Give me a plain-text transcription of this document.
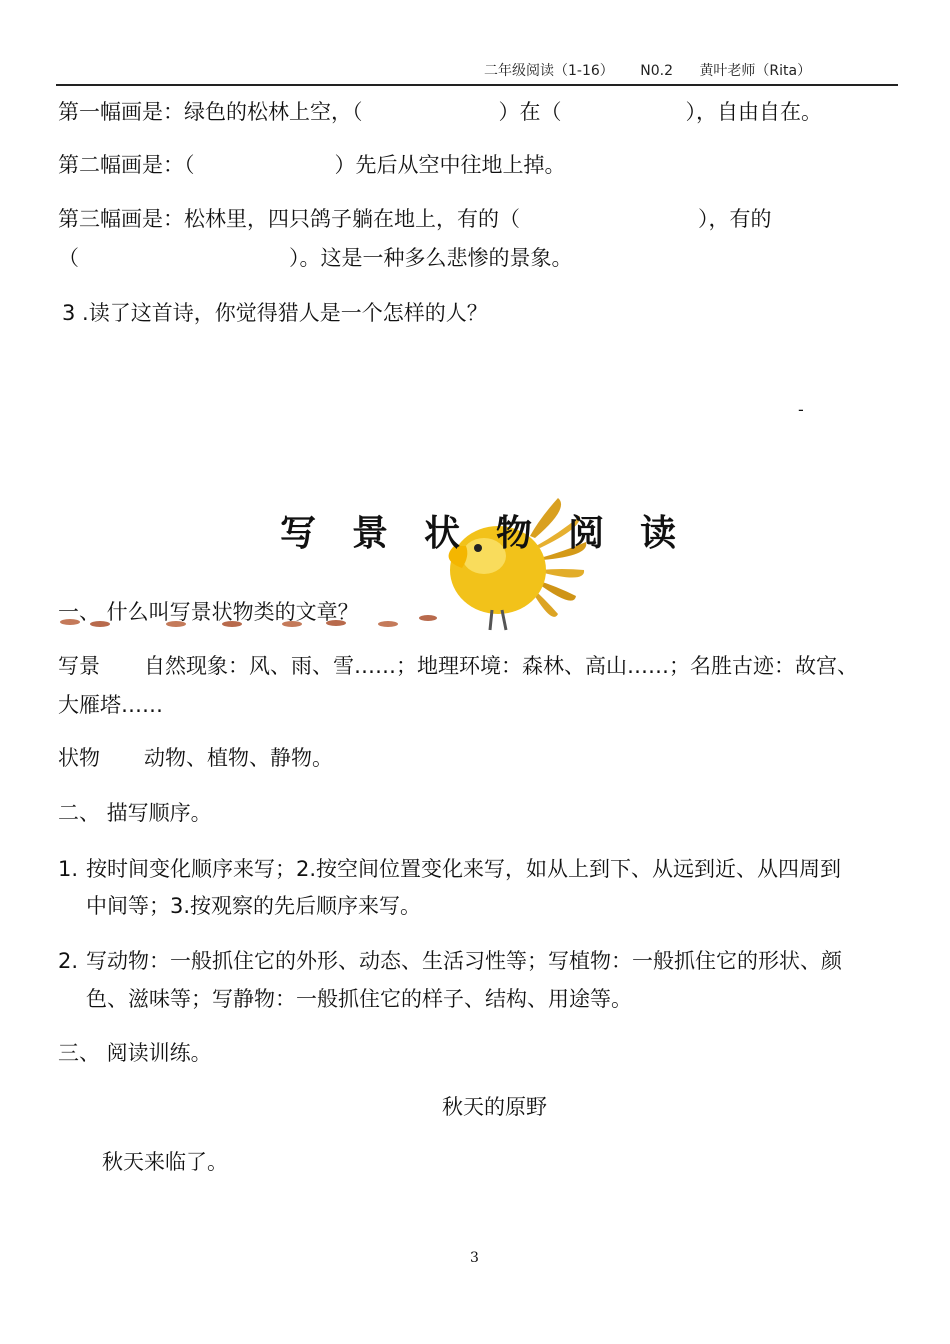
二年级阅读（1-16） N0.2 黄叶老师（Rita）
第一幅画是：绿色的松林上空，（	）在（	），自由自在。
第二幅画是：（	）先后从空中往地上掉。
第三幅画是：松林里，四只鸽子躺在地上，有的（	），有的
（	）。这是一种多么悲惨的景象。
3 .读了这首诗，你觉得猎人是一个怎样的人？
-
写 景 状 物 阅 读
一、 什么叫写景状物类的文章？
写景 自然现象：风、雨、雪……；地理环境：森林、高山……；名胜古迹：故宫、
大雁塔……
状物 动物、植物、静物。
二、 描写顺序。
1. 按时间变化顺序来写；2.按空间位置变化来写，如从上到下、从远到近、从四周到
中间等；3.按观察的先后顺序来写。
2. 写动物：一般抓住它的外形、动态、生活习性等；写植物：一般抓住它的形状、颜
色、滋味等；写静物：一般抓住它的样子、结构、用途等。
三、 阅读训练。
秋天的原野
秋天来临了。
3
